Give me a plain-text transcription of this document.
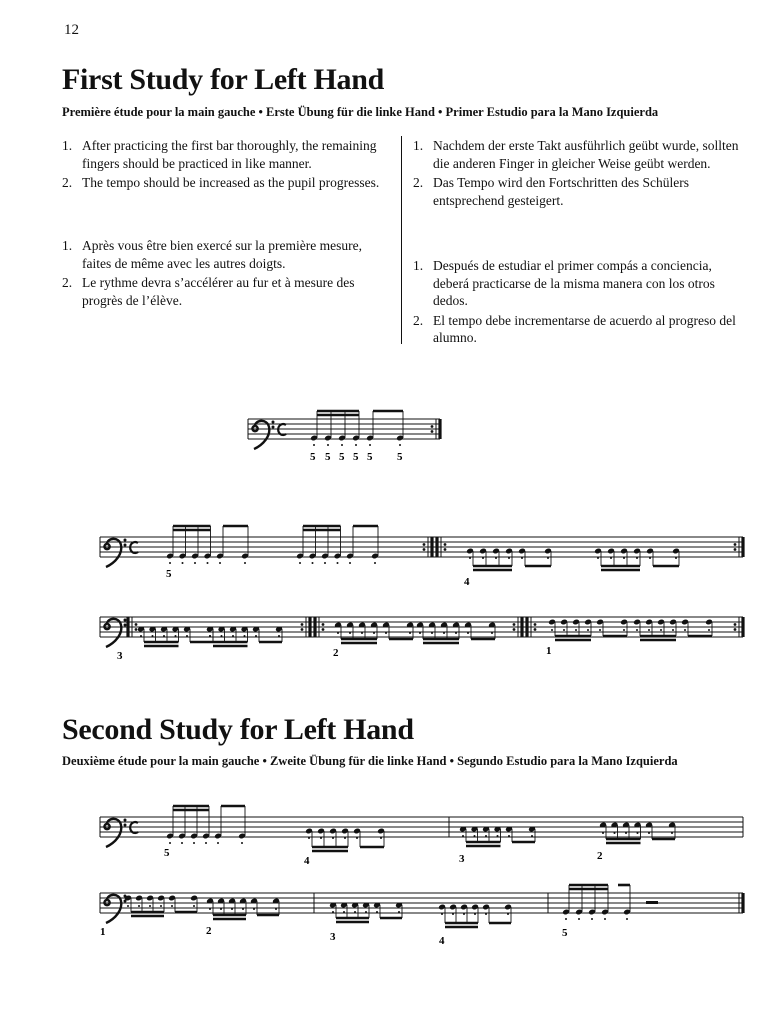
12
First Study for Left Hand
Première étude pour la main gauche • Erste Übung für die linke Hand • Primer Estudio para la Mano Izquierda
1. After practicing the first bar thoroughly, the remaining fingers should be practiced in like manner.
2. The tempo should be increased as the pupil progresses.
1. Après vous être bien exercé sur la première mesure, faites de même avec les autres doigts.
2. Le rythme devra s’accélérer au fur et à mesure des progrès de l’élève.
1. Nachdem der erste Takt ausführlich geübt wurde, sollten die anderen Finger in gleicher Weise geübt werden.
2. Das Tempo wird den Fortschritten des Schülers entsprechend gesteigert.
1. Después de estudiar el primer compás a conciencia, deberá practicarse de la misma manera con los otros dedos.
2. El tempo debe incrementarse de acuerdo al progreso del alumno.
Second Study for Left Hand
Deuxième étude pour la main gauche • Zweite Übung für die linke Hand • Segundo Estudio para la Mano Izquierda
5 5 5 5 5 5
5
4
3	2	1
5
4	3	2
1	2	3	4
5
